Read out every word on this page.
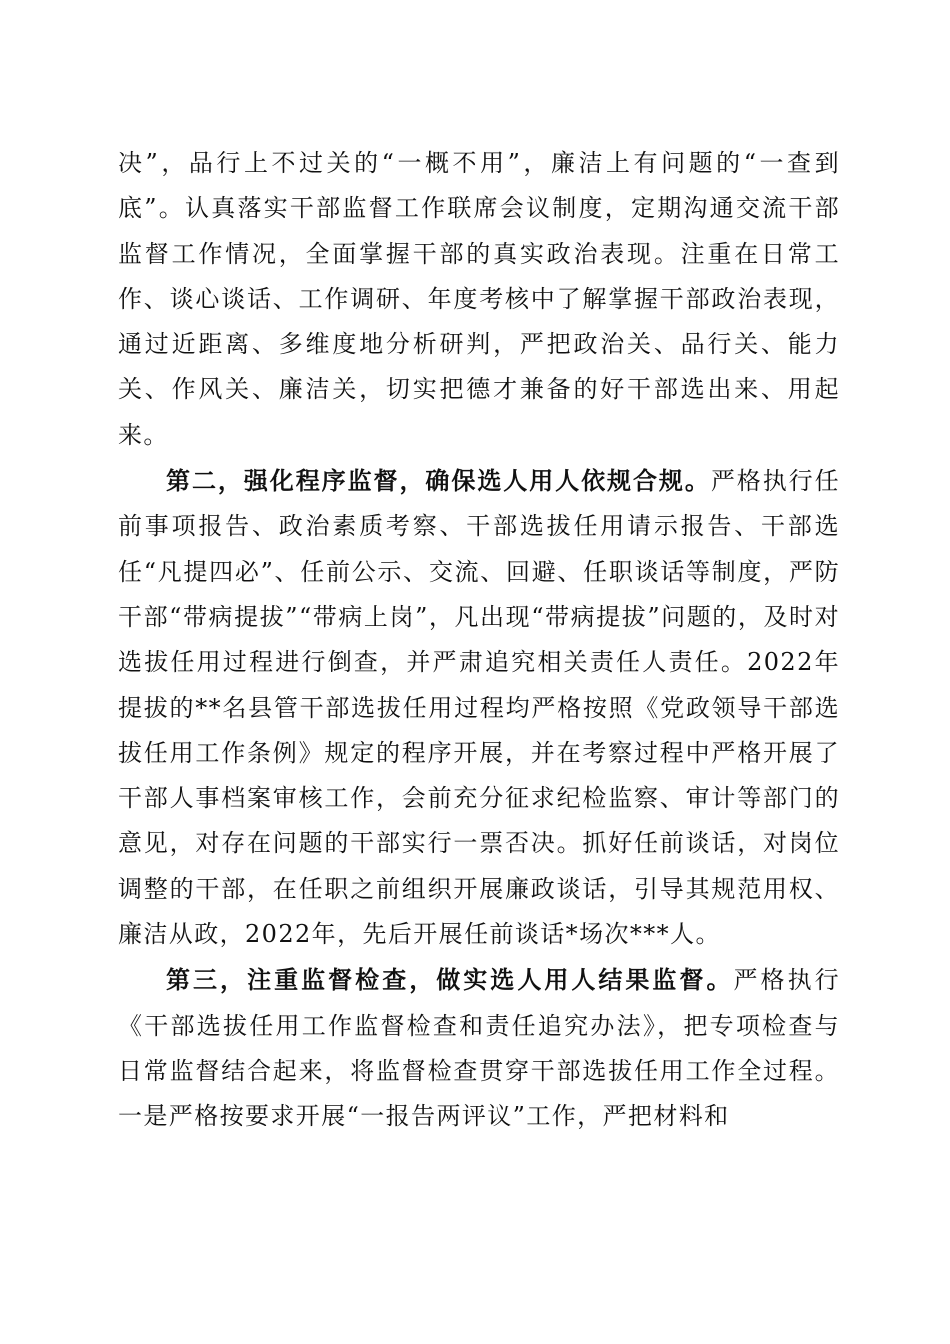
决”，品行上不过关的“一概不用”，廉洁上有问题的“一查到底”。认真落实干部监督工作联席会议制度，定期沟通交流干部监督工作情况，全面掌握干部的真实政治表现。注重在日常工作、谈心谈话、工作调研、年度考核中了解掌握干部政治表现，通过近距离、多维度地分析研判，严把政治关、品行关、能力关、作风关、廉洁关，切实把德才兼备的好干部选出来、用起来。

第二，强化程序监督，确保选人用人依规合规。严格执行任前事项报告、政治素质考察、干部选拔任用请示报告、干部选任“凡提四必”、任前公示、交流、回避、任职谈话等制度，严防干部“带病提拔”“带病上岗”，凡出现“带病提拔”问题的，及时对选拔任用过程进行倒查，并严肃追究相关责任人责任。2022年提拔的**名县管干部选拔任用过程均严格按照《党政领导干部选拔任用工作条例》规定的程序开展，并在考察过程中严格开展了干部人事档案审核工作，会前充分征求纪检监察、审计等部门的意见，对存在问题的干部实行一票否决。抓好任前谈话，对岗位调整的干部，在任职之前组织开展廉政谈话，引导其规范用权、廉洁从政，2022年，先后开展任前谈话*场次***人。

第三，注重监督检查，做实选人用人结果监督。严格执行《干部选拔任用工作监督检查和责任追究办法》，把专项检查与日常监督结合起来，将监督检查贯穿干部选拔任用工作全过程。一是严格按要求开展“一报告两评议”工作，严把材料和
